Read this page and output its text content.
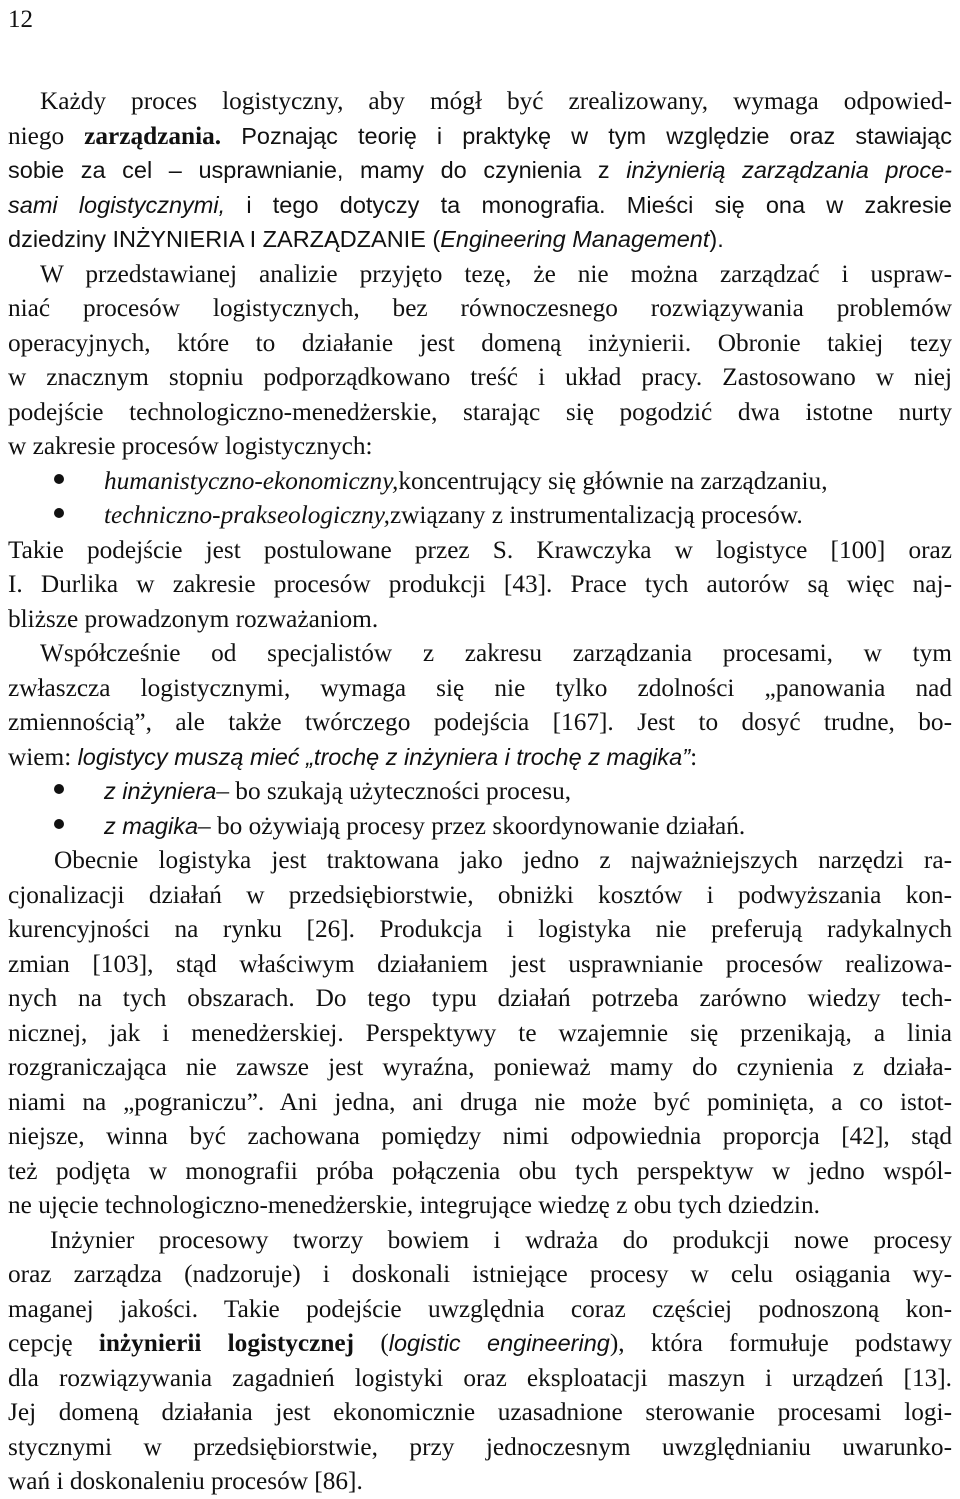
12
Każdy proces logistyczny, aby mógł być zrealizowany, wymaga odpowied-
niego zarządzania. Poznając teorię i praktykę w tym względzie oraz stawiając
sobie za cel – usprawnianie, mamy do czynienia z inżynierią zarządzania proce-
sami logistycznymi, i tego dotyczy ta monografia. Mieści się ona w zakresie
dziedziny INŻYNIERIA I ZARZĄDZANIE (Engineering Management).
W przedstawianej analizie przyjęto tezę, że nie można zarządzać i uspraw-
niać procesów logistycznych, bez równoczesnego rozwiązywania problemów
operacyjnych, które to działanie jest domeną inżynierii. Obronie takiej tezy
w znacznym stopniu podporządkowano treść i układ pracy. Zastosowano w niej
podejście technologiczno-menedżerskie, starając się pogodzić dwa istotne nurty
w zakresie procesów logistycznych:
humanistyczno-ekonomiczny, koncentrujący się głównie na zarządzaniu,
techniczno-prakseologiczny, związany z instrumentalizacją procesów.
Takie podejście jest postulowane przez S. Krawczyka w logistyce [100] oraz
I. Durlika w zakresie procesów produkcji [43]. Prace tych autorów są więc naj-
bliższe prowadzonym rozważaniom.
Współcześnie od specjalistów z zakresu zarządzania procesami, w tym
zwłaszcza logistycznymi, wymaga się nie tylko zdolności „panowania nad
zmiennością”, ale także twórczego podejścia [167]. Jest to dosyć trudne, bo-
wiem: logistycy muszą mieć „trochę z inżyniera i trochę z magika”:
z inżyniera – bo szukają użyteczności procesu,
z magika – bo ożywiają procesy przez skoordynowanie działań.
Obecnie logistyka jest traktowana jako jedno z najważniejszych narzędzi ra-
cjonalizacji działań w przedsiębiorstwie, obniżki kosztów i podwyższania kon-
kurencyjności na rynku [26]. Produkcja i logistyka nie preferują radykalnych
zmian [103], stąd właściwym działaniem jest usprawnianie procesów realizowa-
nych na tych obszarach. Do tego typu działań potrzeba zarówno wiedzy tech-
nicznej, jak i menedżerskiej. Perspektywy te wzajemnie się przenikają, a linia
rozgraniczająca nie zawsze jest wyraźna, ponieważ mamy do czynienia z działa-
niami na „pograniczu”. Ani jedna, ani druga nie może być pominięta, a co istot-
niejsze, winna być zachowana pomiędzy nimi odpowiednia proporcja [42], stąd
też podjęta w monografii próba połączenia obu tych perspektyw w jedno wspól-
ne ujęcie technologiczno-menedżerskie, integrujące wiedzę z obu tych dziedzin.
Inżynier procesowy tworzy bowiem i wdraża do produkcji nowe procesy
oraz zarządza (nadzoruje) i doskonali istniejące procesy w celu osiągania wy-
maganej jakości. Takie podejście uwzględnia coraz częściej podnoszoną kon-
cepcję inżynierii logistycznej (logistic engineering), która formułuje podstawy
dla rozwiązywania zagadnień logistyki oraz eksploatacji maszyn i urządzeń [13].
Jej domeną działania jest ekonomicznie uzasadnione sterowanie procesami logi-
stycznymi w przedsiębiorstwie, przy jednoczesnym uwzględnianiu uwarunko-
wań i doskonaleniu procesów [86].
